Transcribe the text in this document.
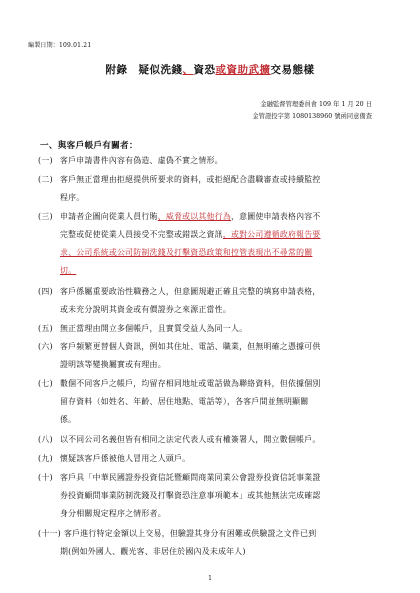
編製日期：109.01.21
附錄　疑似洗錢、資恐或資助武擴交易態樣
金融監督管理委員會 109 年 1 月 20 日
金管證投字第 1080138960 號函同意備查
一、與客戶帳戶有關者：

(一) 客戶申請書件內容有偽造、虛偽不實之情形。

(二) 客戶無正當理由拒絕提供所要求的資料，或拒絕配合盡職審查或持續監控

程序。

(三) 申請者企圖向從業人員行賄、威脅或以其他行為，意圖使申請表格內容不

完整或促使從業人員接受不完整或錯誤之資訊，或對公司遵循政府報告要

求、公司系統或公司防制洗錢及打擊資恐政策和控管表現出不尋常的關

切。

(四) 客戶係屬重要政治性職務之人，但意圖規避正確且完整的填寫申請表格，

或未充分說明其資金或有價證券之來源正當性。

(五) 無正當理由開立多個帳戶，且實質受益人為同一人。

(六) 客戶頻繁更替個人資訊，例如其住址、電話、職業，但無明確之憑據可供

證明該等變換屬實或有理由。

(七) 數個不同客戶之帳戶，均留存相同地址或電話做為聯絡資料，但依據個別

留存資料（如姓名、年齡、居住地點、電話等），各客戶間並無明顯關

係。

(八) 以不同公司名義但皆有相同之法定代表人或有權簽署人，開立數個帳戶。

(九) 懷疑該客戶係被他人冒用之人頭戶。

(十) 客戶具「中華民國證券投資信託暨顧問商業同業公會證券投資信託事業證

券投資顧問事業防制洗錢及打擊資恐注意事項範本」或其他無法完成確認

身分相關規定程序之情形者。

(十一) 客戶進行特定金額以上交易，但驗證其身分有困難或供驗證之文件已到

期(例如外國人、觀光客、非居住於國內及未成年人)

1
